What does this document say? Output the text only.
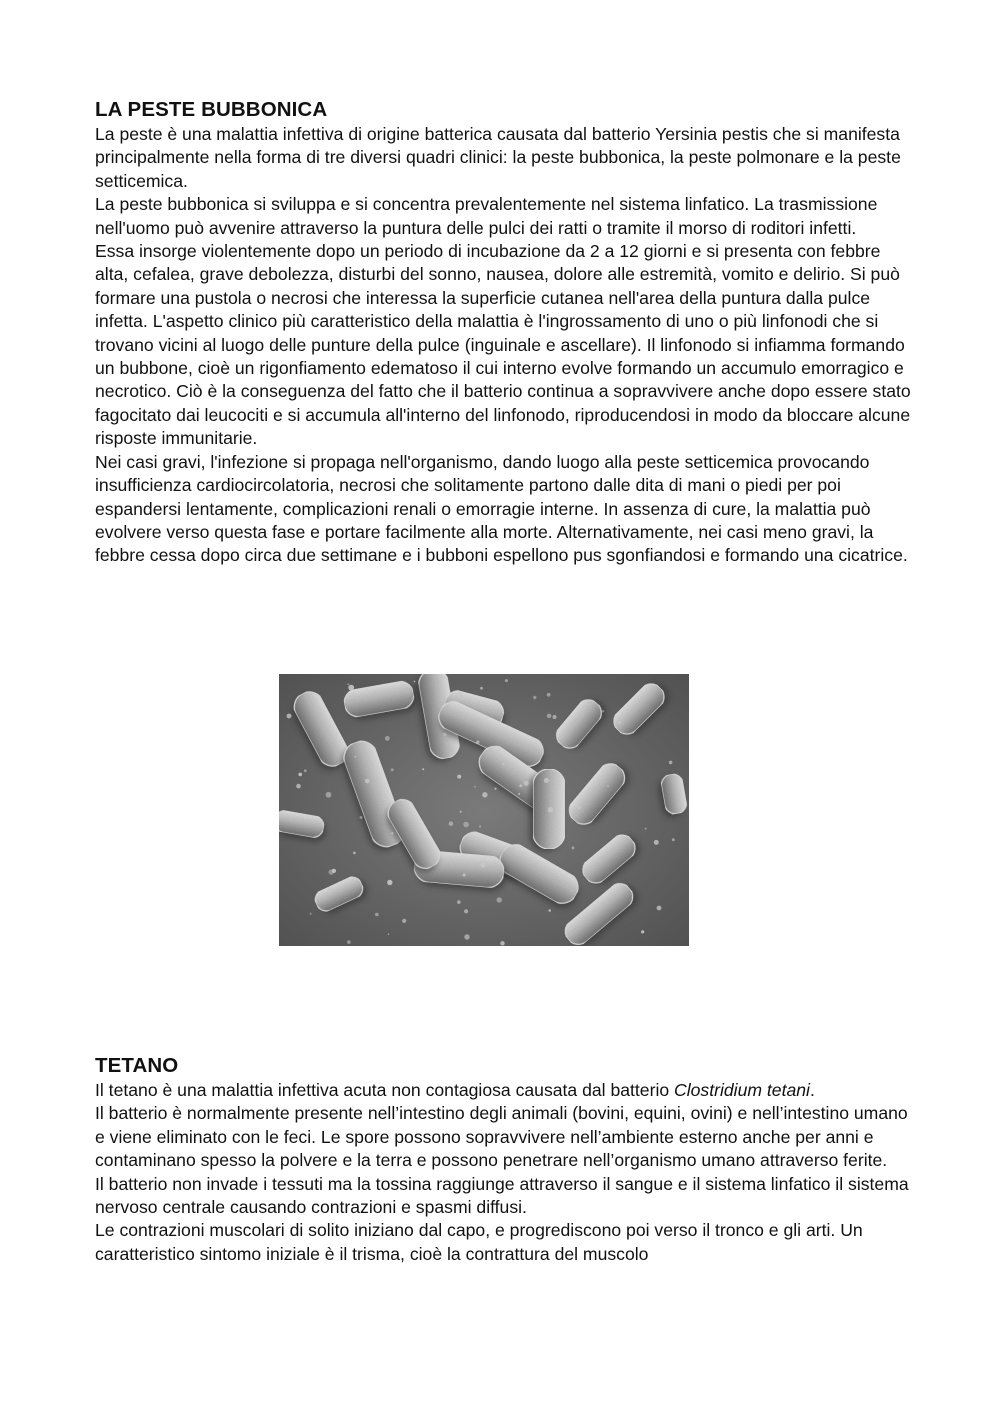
LA PESTE BUBBONICA

La peste è una malattia infettiva di origine batterica causata dal batterio Yersinia pestis che si manifesta principalmente nella forma di tre diversi quadri clinici: la peste bubbonica, la peste polmonare e la peste setticemica.

La peste bubbonica si sviluppa e si concentra prevalentemente nel sistema linfatico. La trasmissione nell'uomo può avvenire attraverso la puntura delle pulci dei ratti o tramite il morso di roditori infetti.

Essa insorge violentemente dopo un periodo di incubazione da 2 a 12 giorni e si presenta con febbre alta, cefalea, grave debolezza, disturbi del sonno, nausea, dolore alle estremità, vomito e delirio. Si può formare una pustola o necrosi che interessa la superficie cutanea nell'area della puntura dalla pulce infetta. L'aspetto clinico più caratteristico della malattia è l'ingrossamento di uno o più linfonodi che si trovano vicini al luogo delle punture della pulce (inguinale e ascellare). Il linfonodo si infiamma formando un bubbone, cioè un rigonfiamento edematoso il cui interno evolve formando un accumulo emorragico e necrotico. Ciò è la conseguenza del fatto che il batterio continua a sopravvivere anche dopo essere stato fagocitato dai leucociti e si accumula all'interno del linfonodo, riproducendosi in modo da bloccare alcune risposte immunitarie.

Nei casi gravi, l'infezione si propaga nell'organismo, dando luogo alla peste setticemica provocando insufficienza cardiocircolatoria, necrosi che solitamente partono dalle dita di mani o piedi per poi espandersi lentamente, complicazioni renali o emorragie interne. In assenza di cure, la malattia può evolvere verso questa fase e portare facilmente alla morte. Alternativamente, nei casi meno gravi, la febbre cessa dopo circa due settimane e i bubboni espellono pus sgonfiandosi e formando una cicatrice.

TETANO

Il tetano è una malattia infettiva acuta non contagiosa causata dal batterio Clostridium tetani.

Il batterio è normalmente presente nell’intestino degli animali (bovini, equini, ovini) e nell’intestino umano e viene eliminato con le feci. Le spore possono sopravvivere nell’ambiente esterno anche per anni e contaminano spesso la polvere e la terra e possono penetrare nell’organismo umano attraverso ferite.

Il batterio non invade i tessuti ma la tossina raggiunge attraverso il sangue e il sistema linfatico il sistema nervoso centrale causando contrazioni e spasmi diffusi.

Le contrazioni muscolari di solito iniziano dal capo, e progrediscono poi verso il tronco e gli arti. Un caratteristico sintomo iniziale è il trisma, cioè la contrattura del muscolo
